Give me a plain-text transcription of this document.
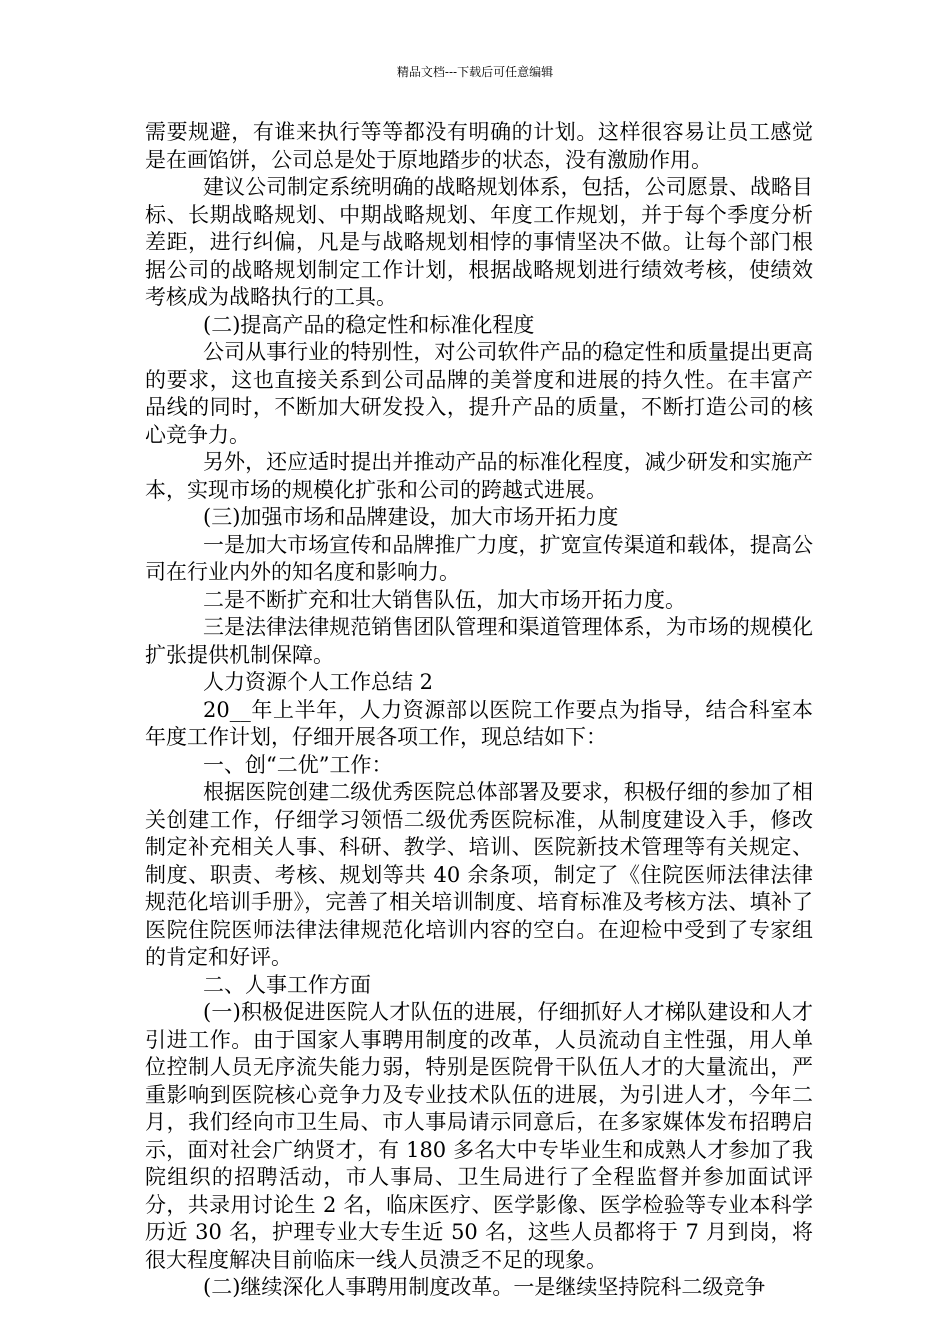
精品文档---下载后可任意编辑

需要规避，有谁来执行等等都没有明确的计划。这样很容易让员工感觉是在画馅饼，公司总是处于原地踏步的状态，没有激励作用。

建议公司制定系统明确的战略规划体系，包括，公司愿景、战略目标、长期战略规划、中期战略规划、年度工作规划，并于每个季度分析差距，进行纠偏，凡是与战略规划相悖的事情坚决不做。让每个部门根据公司的战略规划制定工作计划，根据战略规划进行绩效考核，使绩效考核成为战略执行的工具。

(二)提高产品的稳定性和标准化程度

公司从事行业的特别性，对公司软件产品的稳定性和质量提出更高的要求，这也直接关系到公司品牌的美誉度和进展的持久性。在丰富产品线的同时，不断加大研发投入，提升产品的质量，不断打造公司的核心竞争力。

另外，还应适时提出并推动产品的标准化程度，减少研发和实施产本，实现市场的规模化扩张和公司的跨越式进展。

(三)加强市场和品牌建设，加大市场开拓力度

一是加大市场宣传和品牌推广力度，扩宽宣传渠道和载体，提高公司在行业内外的知名度和影响力。

二是不断扩充和壮大销售队伍，加大市场开拓力度。

三是法律法律规范销售团队管理和渠道管理体系，为市场的规模化扩张提供机制保障。

人力资源个人工作总结 2

20__年上半年，人力资源部以医院工作要点为指导，结合科室本年度工作计划，仔细开展各项工作，现总结如下：

一、创“二优”工作：

根据医院创建二级优秀医院总体部署及要求，积极仔细的参加了相关创建工作，仔细学习领悟二级优秀医院标准，从制度建设入手，修改制定补充相关人事、科研、教学、培训、医院新技术管理等有关规定、制度、职责、考核、规划等共 40 余条项，制定了《住院医师法律法律规范化培训手册》，完善了相关培训制度、培育标准及考核方法、填补了医院住院医师法律法律规范化培训内容的空白。在迎检中受到了专家组的肯定和好评。

二、人事工作方面

(一)积极促进医院人才队伍的进展，仔细抓好人才梯队建设和人才引进工作。由于国家人事聘用制度的改革，人员流动自主性强，用人单位控制人员无序流失能力弱，特别是医院骨干队伍人才的大量流出，严重影响到医院核心竞争力及专业技术队伍的进展，为引进人才，今年二月，我们经向市卫生局、市人事局请示同意后，在多家媒体发布招聘启示，面对社会广纳贤才，有 180 多名大中专毕业生和成熟人才参加了我院组织的招聘活动，市人事局、卫生局进行了全程监督并参加面试评分，共录用讨论生 2 名，临床医疗、医学影像、医学检验等专业本科学历近 30 名，护理专业大专生近 50 名，这些人员都将于 7 月到岗，将很大程度解决目前临床一线人员溃乏不足的现象。

(二)继续深化人事聘用制度改革。一是继续坚持院科二级竞争
